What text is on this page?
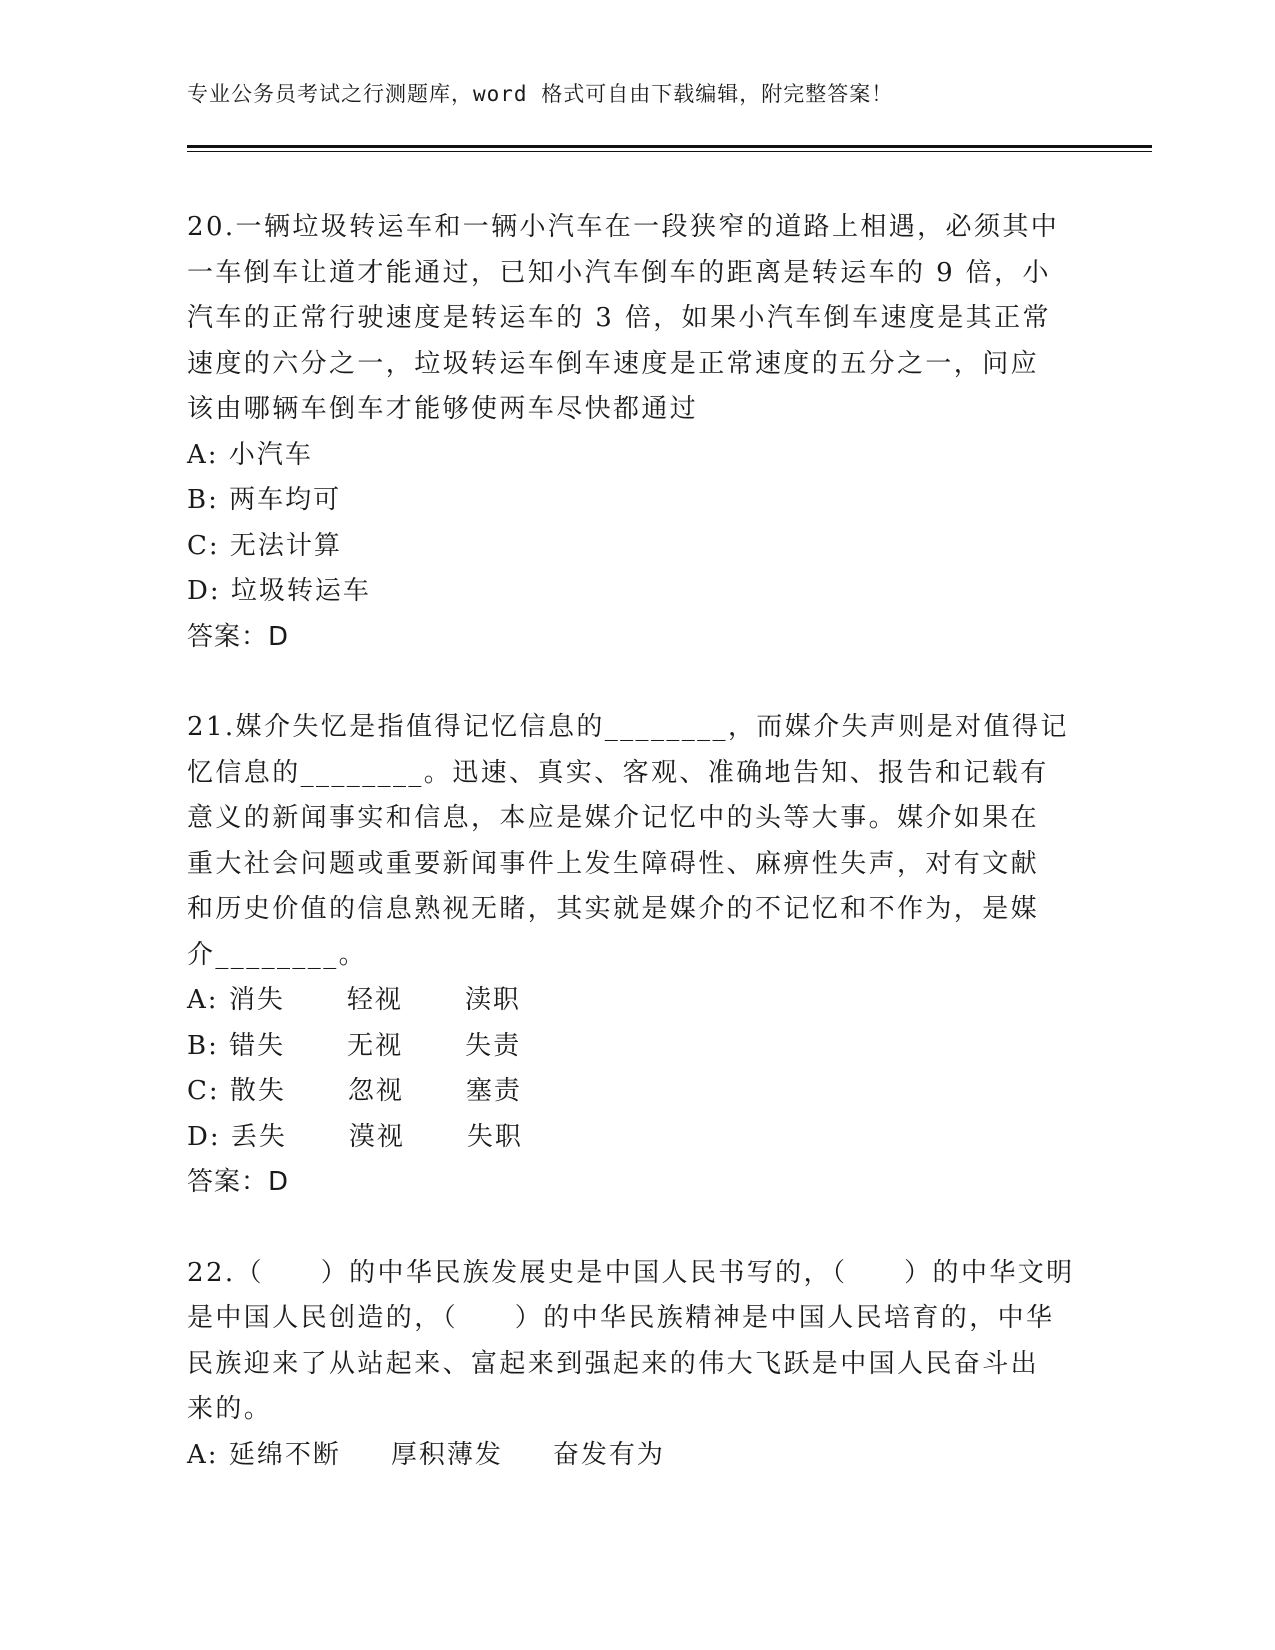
专业公务员考试之行测题库，word 格式可自由下载编辑，附完整答案！
20.一辆垃圾转运车和一辆小汽车在一段狭窄的道路上相遇，必须其中
一车倒车让道才能通过，已知小汽车倒车的距离是转运车的 9 倍，小
汽车的正常行驶速度是转运车的 3 倍，如果小汽车倒车速度是其正常
速度的六分之一，垃圾转运车倒车速度是正常速度的五分之一，问应
该由哪辆车倒车才能够使两车尽快都通过
A: 小汽车
B: 两车均可
C: 无法计算
D: 垃圾转运车
答案：D
21.媒介失忆是指值得记忆信息的________，而媒介失声则是对值得记
忆信息的________。迅速、真实、客观、准确地告知、报告和记载有
意义的新闻事实和信息，本应是媒介记忆中的头等大事。媒介如果在
重大社会问题或重要新闻事件上发生障碍性、麻痹性失声，对有文献
和历史价值的信息熟视无睹，其实就是媒介的不记忆和不作为，是媒
介________。
A: 消失 轻视 渎职
B: 错失 无视 失责
C: 散失 忽视 塞责
D: 丢失 漠视 失职
答案：D
22.（　　）的中华民族发展史是中国人民书写的，（　　）的中华文明
是中国人民创造的，（　　）的中华民族精神是中国人民培育的，中华
民族迎来了从站起来、富起来到强起来的伟大飞跃是中国人民奋斗出
来的。
A: 延绵不断 厚积薄发 奋发有为
